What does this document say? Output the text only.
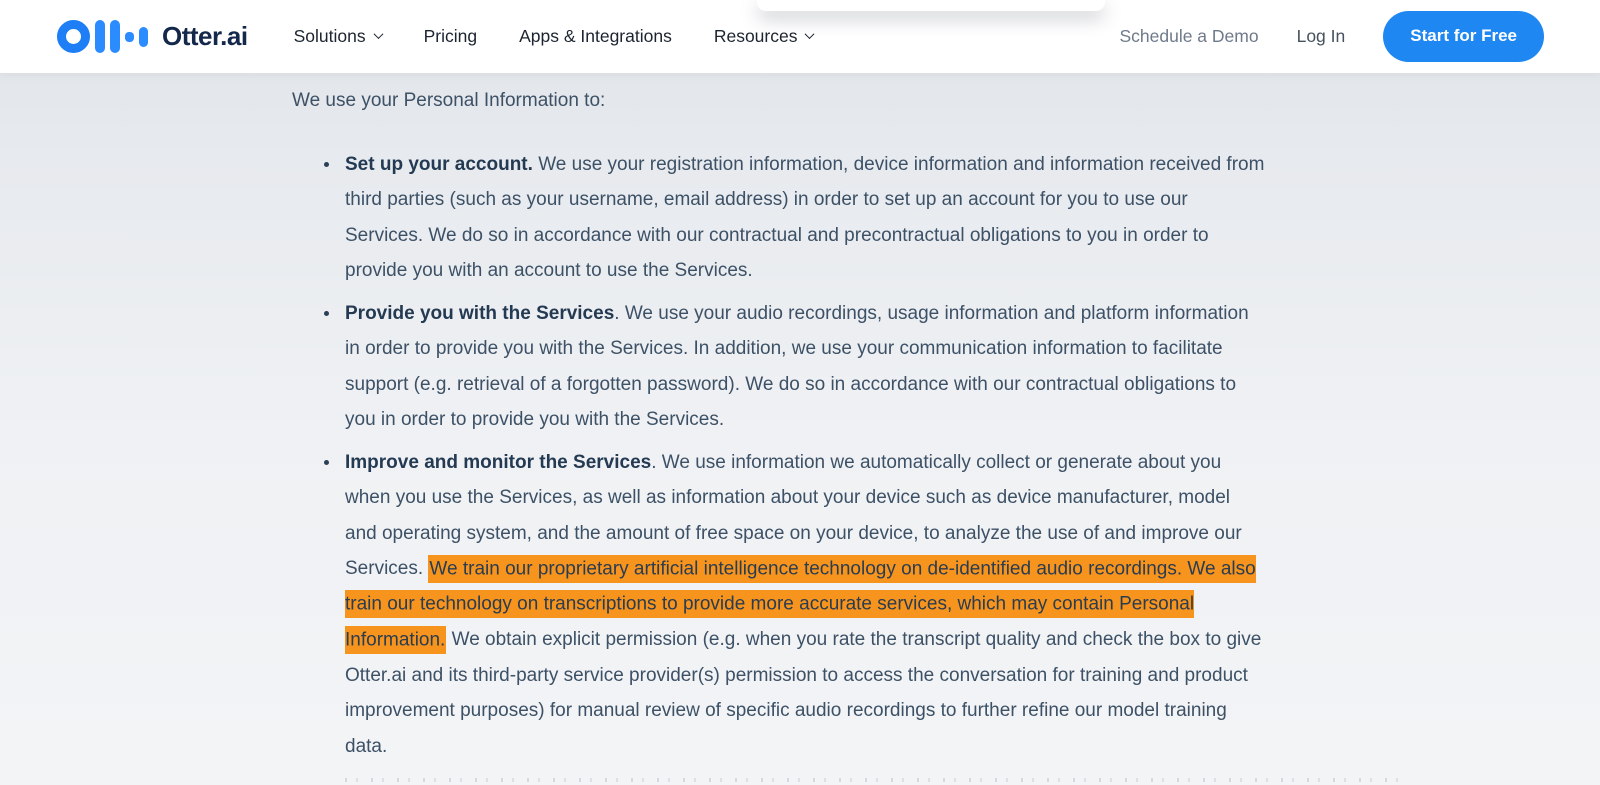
Otter.ai	Solutions	Pricing Apps & Integrations Resources	Schedule a Demo Log In	Start for Free

We use your Personal Information to:

Set up your account. We use your registration information, device information and information received from third parties (such as your username, email address) in order to set up an account for you to use our Services. We do so in accordance with our contractual and precontractual obligations to you in order to provide you with an account to use the Services.
Provide you with the Services. We use your audio recordings, usage information and platform information in order to provide you with the Services. In addition, we use your communication information to facilitate support (e.g. retrieval of a forgotten password). We do so in accordance with our contractual obligations to you in order to provide you with the Services.
Improve and monitor the Services. We use information we automatically collect or generate about you when you use the Services, as well as information about your device such as device manufacturer, model and operating system, and the amount of free space on your device, to analyze the use of and improve our Services. We train our proprietary artificial intelligence technology on de-identified audio recordings. We also train our technology on transcriptions to provide more accurate services, which may contain Personal Information. We obtain explicit permission (e.g. when you rate the transcript quality and check the box to give Otter.ai and its third-party service provider(s) permission to access the conversation for training and product improvement purposes) for manual review of specific audio recordings to further refine our model training data.
